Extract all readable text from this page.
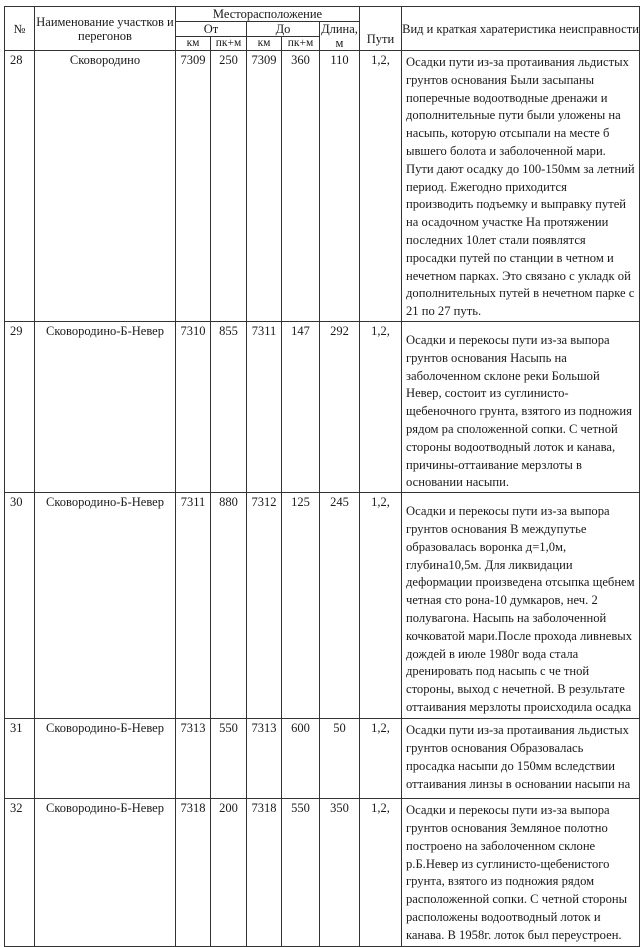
№	Наименование участков и перегонов	Месторасположение					Пути	Вид и краткая харатеристика неисправности
		От		До		Длина, м		
		км	пк+м	км	пк+м			
28	Сковородино	7309	250	7309	360	110	1,2,	Осадки пути из-за протаивания льдистых грунтов основания Были засыпаны поперечные водоотводные дренажи и дополнительные пути были уложены на насыпь, которую отсыпали на месте б ывшего болота и заболоченной мари. Пути дают осадку до 100-150мм за летний период. Ежегодно приходится производить подъемку и выправку путей на осадочном участке На протяжении последних 10лет стали появлятся просадки путей по станции в четном и нечетном парках. Это связано с укладк ой дополнительных путей в нечетном парке с 21 по 27 путь.
29	Сковородино-Б-Невер	7310	855	7311	147	292	1,2,	Осадки и перекосы пути из-за выпора грунтов основания Насыпь на заболоченном склоне реки Большой Невер, состоит из суглинисто-щебеночного грунта, взятого из подножия рядом ра сположенной сопки. С четной стороны водоотводный лоток и канава, причины-оттаивание мерзлоты в основании насыпи.
30	Сковородино-Б-Невер	7311	880	7312	125	245	1,2,	Осадки и перекосы пути из-за выпора грунтов основания В междупутье образовалась воронка д=1,0м, глубина10,5м. Для ликвидации деформации произведена отсыпка щебнем четная сто рона-10 думкаров, неч. 2 полувагона. Насыпь на заболоченной кочковатой мари.После прохода ливневых дождей в июле 1980г вода стала дренировать под насыпь с че тной стороны, выход с нечетной. В результате оттаивания мерзлоты происходила осадка

31	Сковородино-Б-Невер	7313	550	7313	600	50	1,2,	Осадки пути из-за протаивания льдистых грунтов основания Образовалась просадка насыпи до 150мм вследствии оттаивания линзы в основании насыпи на

32	Сковородино-Б-Невер	7318	200	7318	550	350	1,2,	Осадки и перекосы пути из-за выпора грунтов основания Земляное полотно построено на заболоченном склоне р.Б.Невер из суглинисто-щебенистого грунта, взятого из подножия рядом расположенной сопки. С четной стороны расположены водоотводный лоток и канава. В 1958г. лоток был переустроен.
